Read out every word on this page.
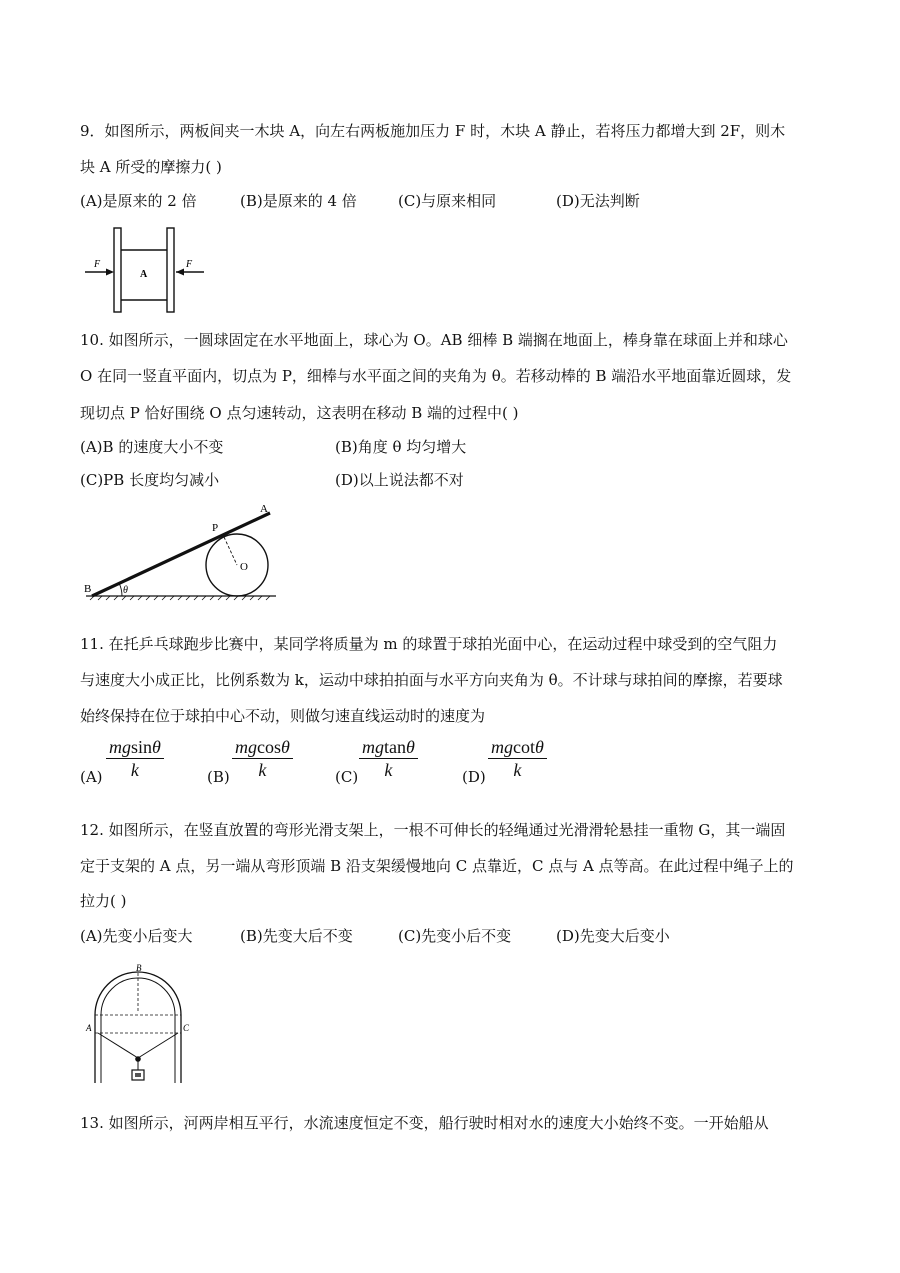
9．如图所示，两板间夹一木块 A，向左右两板施加压力 F 时，木块 A 静止，若将压力都增大到 2F，则木
块 A 所受的摩擦力( )
(A)是原来的 2 倍	(B)是原来的 4 倍	(C)与原来相同	(D)无法判断
F	F
A
10. 如图所示，一圆球固定在水平地面上，球心为 O。AB 细棒 B 端搁在地面上，棒身靠在球面上并和球心
O 在同一竖直平面内，切点为 P，细棒与水平面之间的夹角为 θ。若移动棒的 B 端沿水平地面靠近圆球，发
现切点 P 恰好围绕 O 点匀速转动，这表明在移动 B 端的过程中( )
(A)B 的速度大小不变	(B)角度 θ 均匀增大
(C)PB 长度均匀减小	(D)以上说法都不对
B
A
P
O
θ
11. 在托乒乓球跑步比赛中，某同学将质量为 m 的球置于球拍光面中心，在运动过程中球受到的空气阻力
与速度大小成正比，比例系数为 k，运动中球拍拍面与水平方向夹角为 θ。不计球与球拍间的摩擦，若要球
始终保持在位于球拍中心不动，则做匀速直线运动时的速度为
$(A) \frac{mgsin\theta}{k}$	$(B) \frac{mgcos\theta}{k}$	$(C) \frac{mgtan\theta}{k}$	$(D) \frac{mgcot\theta}{k}$
12. 如图所示，在竖直放置的弯形光滑支架上，一根不可伸长的轻绳通过光滑滑轮悬挂一重物 G，其一端固
定于支架的 A 点，另一端从弯形顶端 B 沿支架缓慢地向 C 点靠近，C 点与 A 点等高。在此过程中绳子上的
拉力( )
(A)先变小后变大	(B)先变大后不变	(C)先变小后不变	(D)先变大后变小
B
A	C
13. 如图所示，河两岸相互平行，水流速度恒定不变，船行驶时相对水的速度大小始终不变。一开始船从
